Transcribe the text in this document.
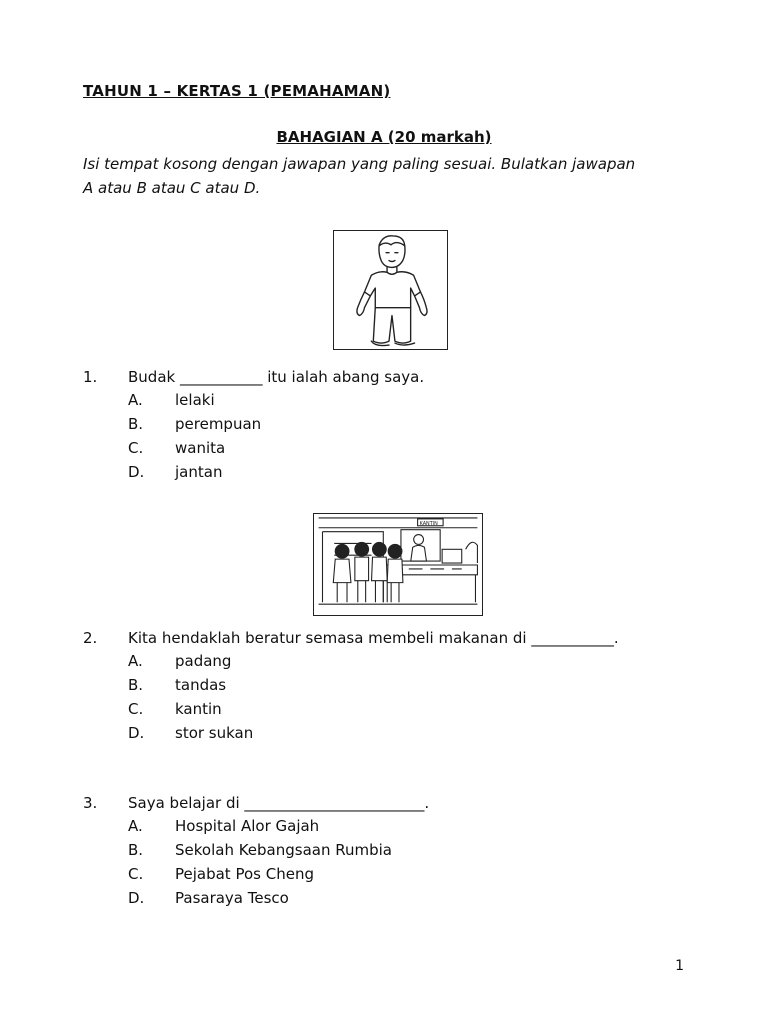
TAHUN 1 – KERTAS 1 (PEMAHAMAN)
BAHAGIAN A (20 markah)
Isi tempat kosong dengan jawapan yang paling sesuai. Bulatkan jawapan
A atau B atau C atau D.
1. Budak ___________ itu ialah abang saya.
A. lelaki
B. perempuan
C. wanita
D. jantan
KANTIN
2. Kita hendaklah beratur semasa membeli makanan di ___________.
A. padang
B. tandas
C. kantin
D. stor sukan
3. Saya belajar di ________________________.
A. Hospital Alor Gajah
B. Sekolah Kebangsaan Rumbia
C. Pejabat Pos Cheng
D. Pasaraya Tesco
1
